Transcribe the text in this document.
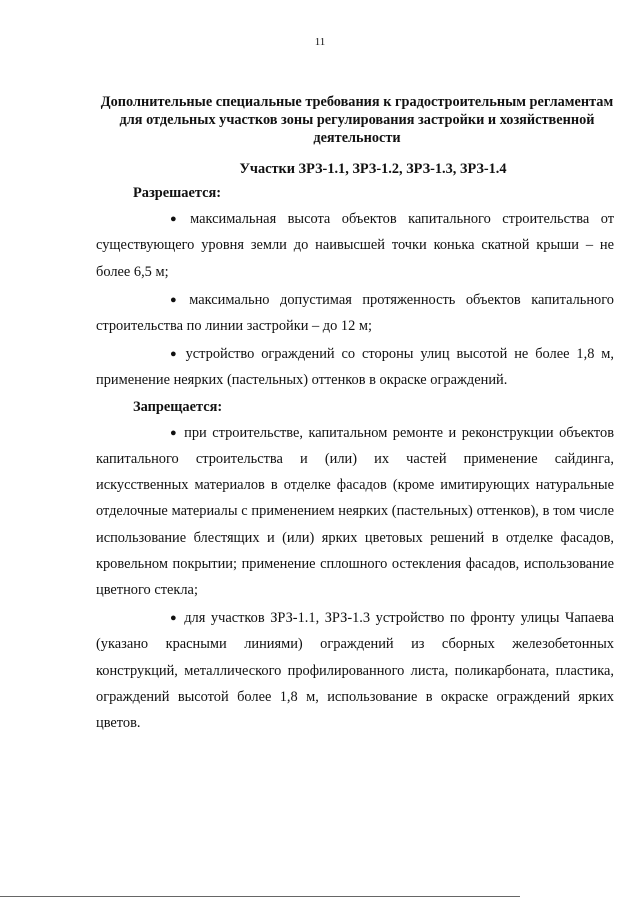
11
Дополнительные специальные требования к градостроительным регламентам для отдельных участков зоны регулирования застройки и хозяйственной деятельности
Участки ЗРЗ-1.1, ЗРЗ-1.2, ЗРЗ-1.3, ЗРЗ-1.4

Разрешается:

● максимальная высота объектов капитального строительства от существующего уровня земли до наивысшей точки конька скатной крыши – не более 6,5 м;

● максимально допустимая протяженность объектов капитального строительства по линии застройки – до 12 м;

● устройство ограждений со стороны улиц высотой не более 1,8 м, применение неярких (пастельных) оттенков в окраске ограждений.

Запрещается:

● при строительстве, капитальном ремонте и реконструкции объектов капитального строительства и (или) их частей применение сайдинга, искусственных материалов в отделке фасадов (кроме имитирующих натуральные отделочные материалы с применением неярких (пастельных) оттенков), в том числе использование блестящих и (или) ярких цветовых решений в отделке фасадов, кровельном покрытии; применение сплошного остекления фасадов, использование цветного стекла;

● для участков ЗРЗ-1.1, ЗРЗ-1.3 устройство по фронту улицы Чапаева (указано красными линиями) ограждений из сборных железобетонных конструкций, металлического профилированного листа, поликарбоната, пластика, ограждений высотой более 1,8 м, использование в окраске ограждений ярких цветов.
